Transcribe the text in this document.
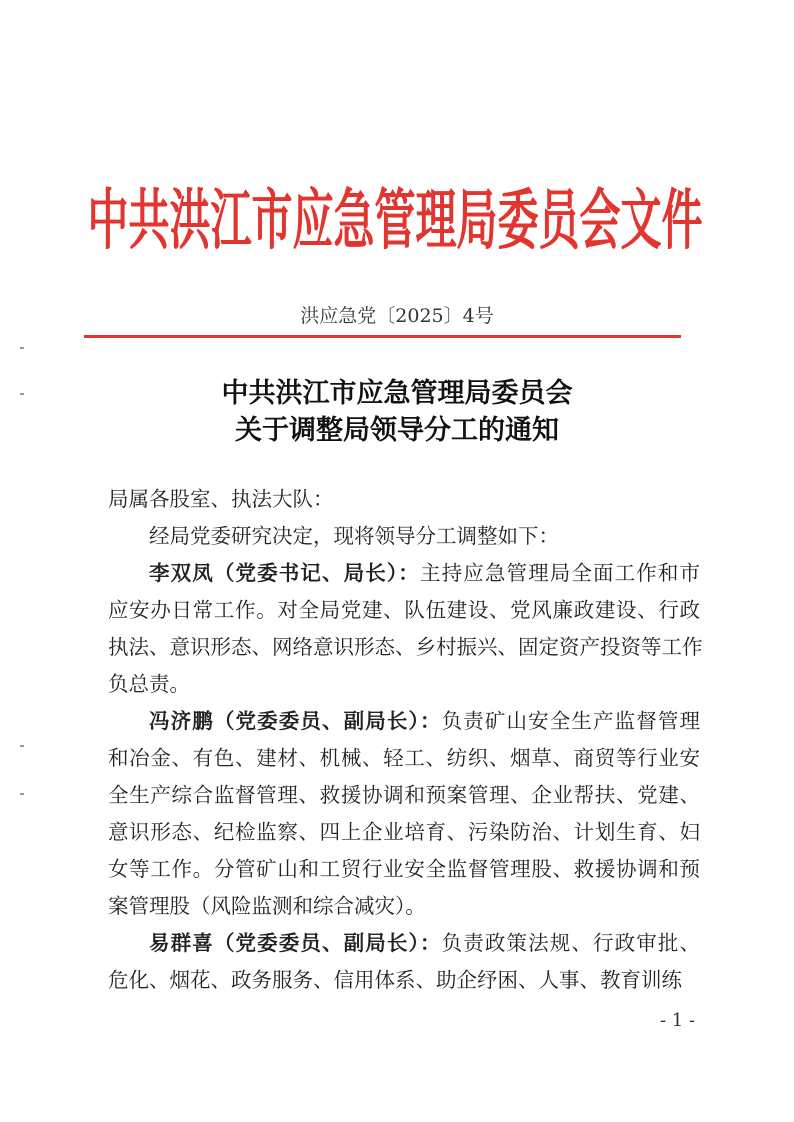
中共洪江市应急管理局委员会文件
洪应急党〔2025〕4号
中共洪江市应急管理局委员会
关于调整局领导分工的通知
局属各股室、执法大队：
经局党委研究决定，现将领导分工调整如下：
李双凤（党委书记、局长）：主持应急管理局全面工作和市
应安办日常工作。对全局党建、队伍建设、党风廉政建设、行政
执法、意识形态、网络意识形态、乡村振兴、固定资产投资等工作
负总责。
冯济鹏（党委委员、副局长）：负责矿山安全生产监督管理
和冶金、有色、建材、机械、轻工、纺织、烟草、商贸等行业安
全生产综合监督管理、救援协调和预案管理、企业帮扶、党建、
意识形态、纪检监察、四上企业培育、污染防治、计划生育、妇
女等工作。分管矿山和工贸行业安全监督管理股、救援协调和预
案管理股（风险监测和综合减灾）。
易群喜（党委委员、副局长）：负责政策法规、行政审批、
危化、烟花、政务服务、信用体系、助企纾困、人事、教育训练
- 1 -
